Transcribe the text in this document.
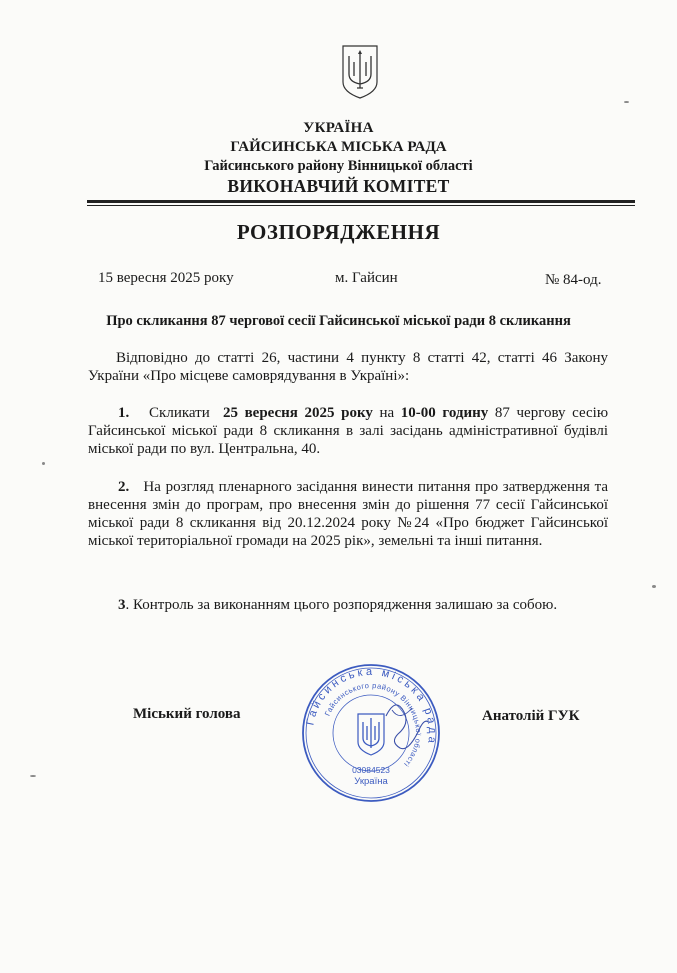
УКРАЇНА
ГАЙСИНСЬКА МІСЬКА РАДА
Гайсинського району Вінницької області
ВИКОНАВЧИЙ КОМІТЕТ
РОЗПОРЯДЖЕННЯ
15 вересня 2025 року	м. Гайсин	№ 84-од.
Про скликання 87 чергової сесії Гайсинської міської ради 8 скликання
Відповідно до статті 26, частини 4 пункту 8 статті 42, статті 46 Закону України «Про місцеве самоврядування в Україні»:
1. Скликати 25 вересня 2025 року на 10-00 годину 87 чергову сесію Гайсинської міської ради 8 скликання в залі засідань адміністративної будівлі міської ради по вул. Центральна, 40.
2. На розгляд пленарного засідання винести питання про затвердження та внесення змін до програм, про внесення змін до рішення 77 сесії Гайсинської міської ради 8 скликання від 20.12.2024 року №24 «Про бюджет Гайсинської міської територіальної громади на 2025 рік», земельні та інші питання.
3. Контроль за виконанням цього розпорядження залишаю за собою.
Міський голова	Анатолій ГУК
Гайсинська міська рада
Гайсинського району Вінницької області
03084523
Україна
